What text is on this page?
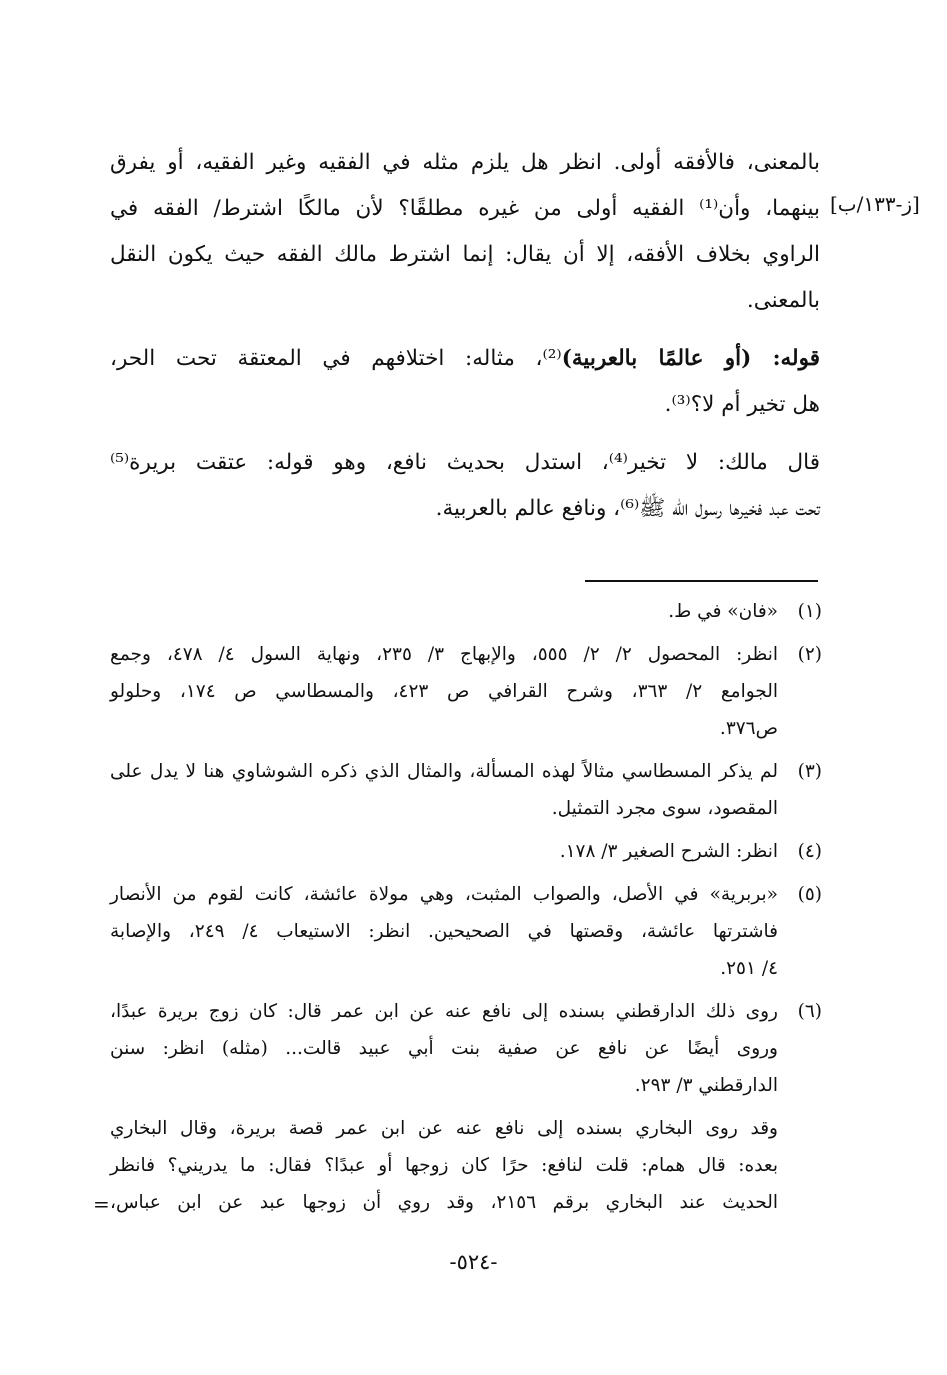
[ز-١٣٣/ب]

بالمعنى، فالأفقه أولى. انظر هل يلزم مثله في الفقيه وغير الفقيه، أو يفرق
بينهما، وأن⁽¹⁾ الفقيه أولى من غيره مطلقًا؟ لأن مالكًا اشترط/ الفقه في
الراوي بخلاف الأفقه، إلا أن يقال: إنما اشترط مالك الفقه حيث يكون النقل
بالمعنى.

قوله: (أو عالمًا بالعربية)⁽²⁾، مثاله: اختلافهم في المعتقة تحت الحر،
هل تخير أم لا؟⁽³⁾.

قال مالك: لا تخير⁽⁴⁾، استدل بحديث نافع، وهو قوله: عتقت بريرة⁽⁵⁾
تحت عبد فخيرها رسول الله ﷺ⁽⁶⁾، ونافع عالم بالعربية.

(١)
«فان» في ط.
(٢)
انظر: المحصول ٢/ ٢/ ٥٥٥، والإبهاج ٣/ ٢٣٥، ونهاية السول ٤/ ٤٧٨، وجمع
الجوامع ٢/ ٣٦٣، وشرح القرافي ص ٤٢٣، والمسطاسي ص ١٧٤، وحلولو
ص٣٧٦.
(٣)
لم يذكر المسطاسي مثالاً لهذه المسألة، والمثال الذي ذكره الشوشاوي هنا لا يدل على
المقصود، سوى مجرد التمثيل.
(٤)
انظر: الشرح الصغير ٣/ ١٧٨.
(٥)
«بربرية» في الأصل، والصواب المثبت، وهي مولاة عائشة، كانت لقوم من الأنصار
فاشترتها عائشة، وقصتها في الصحيحين. انظر: الاستيعاب ٤/ ٢٤٩، والإصابة
٤/ ٢٥١.
(٦)
روى ذلك الدارقطني بسنده إلى نافع عنه عن ابن عمر قال: كان زوج بريرة عبدًا،
وروى أيضًا عن نافع عن صفية بنت أبي عبيد قالت... (مثله) انظر: سنن
الدارقطني ٣/ ٢٩٣.
وقد روى البخاري بسنده إلى نافع عنه عن ابن عمر قصة بريرة، وقال البخاري
بعده: قال همام: قلت لنافع: حرًا كان زوجها أو عبدًا؟ فقال: ما يدريني؟ فانظر
الحديث عند البخاري برقم ٢١٥٦، وقد روي أن زوجها عبد عن ابن عباس،
=
-٥٢٤-
